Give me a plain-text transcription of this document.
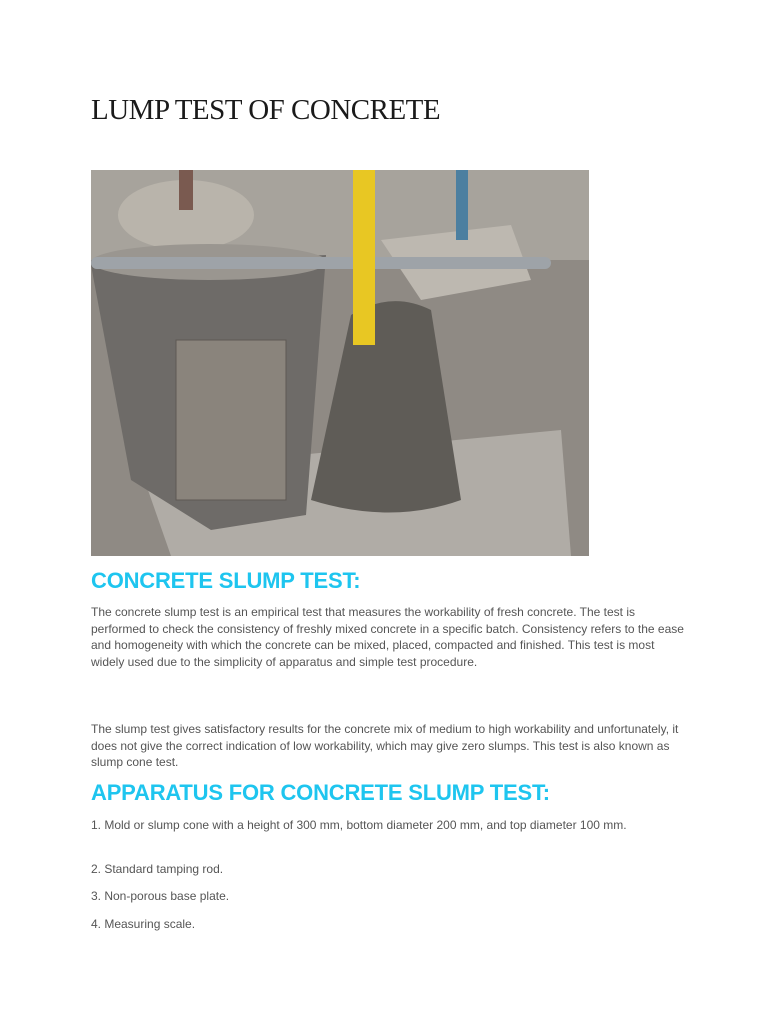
LUMP TEST OF CONCRETE
CONCRETE SLUMP TEST:

The concrete slump test is an empirical test that measures the workability of fresh concrete. The test is performed to check the consistency of freshly mixed concrete in a specific batch. Consistency refers to the ease and homogeneity with which the concrete can be mixed, placed, compacted and finished. This test is most widely used due to the simplicity of apparatus and simple test procedure.

The slump test gives satisfactory results for the concrete mix of medium to high workability and unfortunately, it does not give the correct indication of low workability, which may give zero slumps. This test is also known as slump cone test.

APPARATUS FOR CONCRETE SLUMP TEST:

1. Mold or slump cone with a height of 300 mm, bottom diameter 200 mm, and top diameter 100 mm.

2. Standard tamping rod.

3. Non-porous base plate.

4. Measuring scale.
